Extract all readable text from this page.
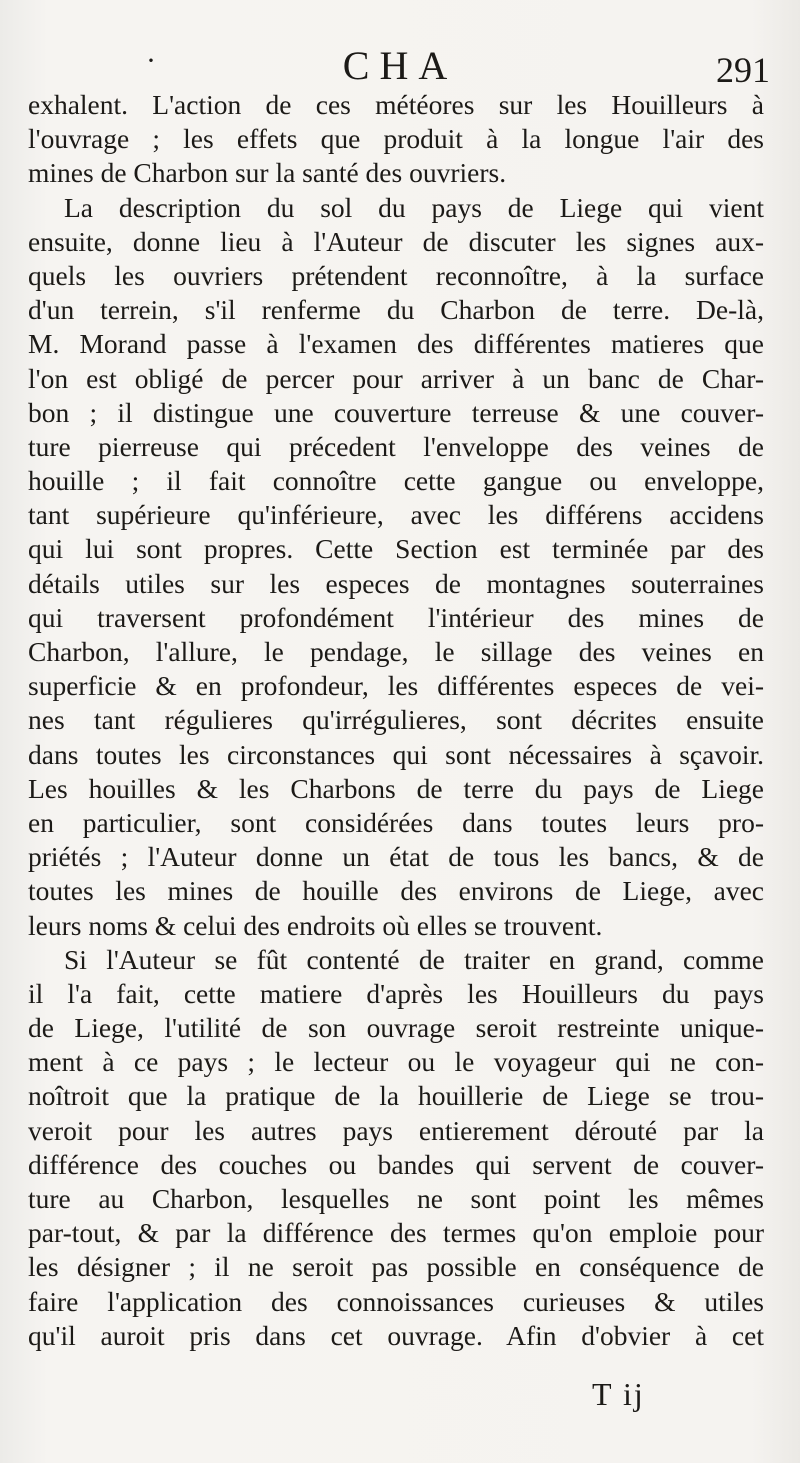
·	CHA	291
exhalent. L'action de ces météores sur les Houilleurs à
l'ouvrage ; les effets que produit à la longue l'air des
mines de Charbon sur la santé des ouvriers.
La description du sol du pays de Liege qui vient
ensuite, donne lieu à l'Auteur de discuter les signes aux-
quels les ouvriers prétendent reconnoître, à la surface
d'un terrein, s'il renferme du Charbon de terre. De-là,
M. Morand passe à l'examen des différentes matieres que
l'on est obligé de percer pour arriver à un banc de Char-
bon ; il distingue une couverture terreuse & une couver-
ture pierreuse qui précedent l'enveloppe des veines de
houille ; il fait connoître cette gangue ou enveloppe,
tant supérieure qu'inférieure, avec les différens accidens
qui lui sont propres. Cette Section est terminée par des
détails utiles sur les especes de montagnes souterraines
qui traversent profondément l'intérieur des mines de
Charbon, l'allure, le pendage, le sillage des veines en
superficie & en profondeur, les différentes especes de vei-
nes tant régulieres qu'irrégulieres, sont décrites ensuite
dans toutes les circonstances qui sont nécessaires à sçavoir.
Les houilles & les Charbons de terre du pays de Liege
en particulier, sont considérées dans toutes leurs pro-
priétés ; l'Auteur donne un état de tous les bancs, & de
toutes les mines de houille des environs de Liege, avec
leurs noms & celui des endroits où elles se trouvent.
Si l'Auteur se fût contenté de traiter en grand, comme
il l'a fait, cette matiere d'après les Houilleurs du pays
de Liege, l'utilité de son ouvrage seroit restreinte unique-
ment à ce pays ; le lecteur ou le voyageur qui ne con-
noîtroit que la pratique de la houillerie de Liege se trou-
veroit pour les autres pays entierement dérouté par la
différence des couches ou bandes qui servent de couver-
ture au Charbon, lesquelles ne sont point les mêmes
par-tout, & par la différence des termes qu'on emploie pour
les désigner ; il ne seroit pas possible en conséquence de
faire l'application des connoissances curieuses & utiles
qu'il auroit pris dans cet ouvrage. Afin d'obvier à cet
T ij
